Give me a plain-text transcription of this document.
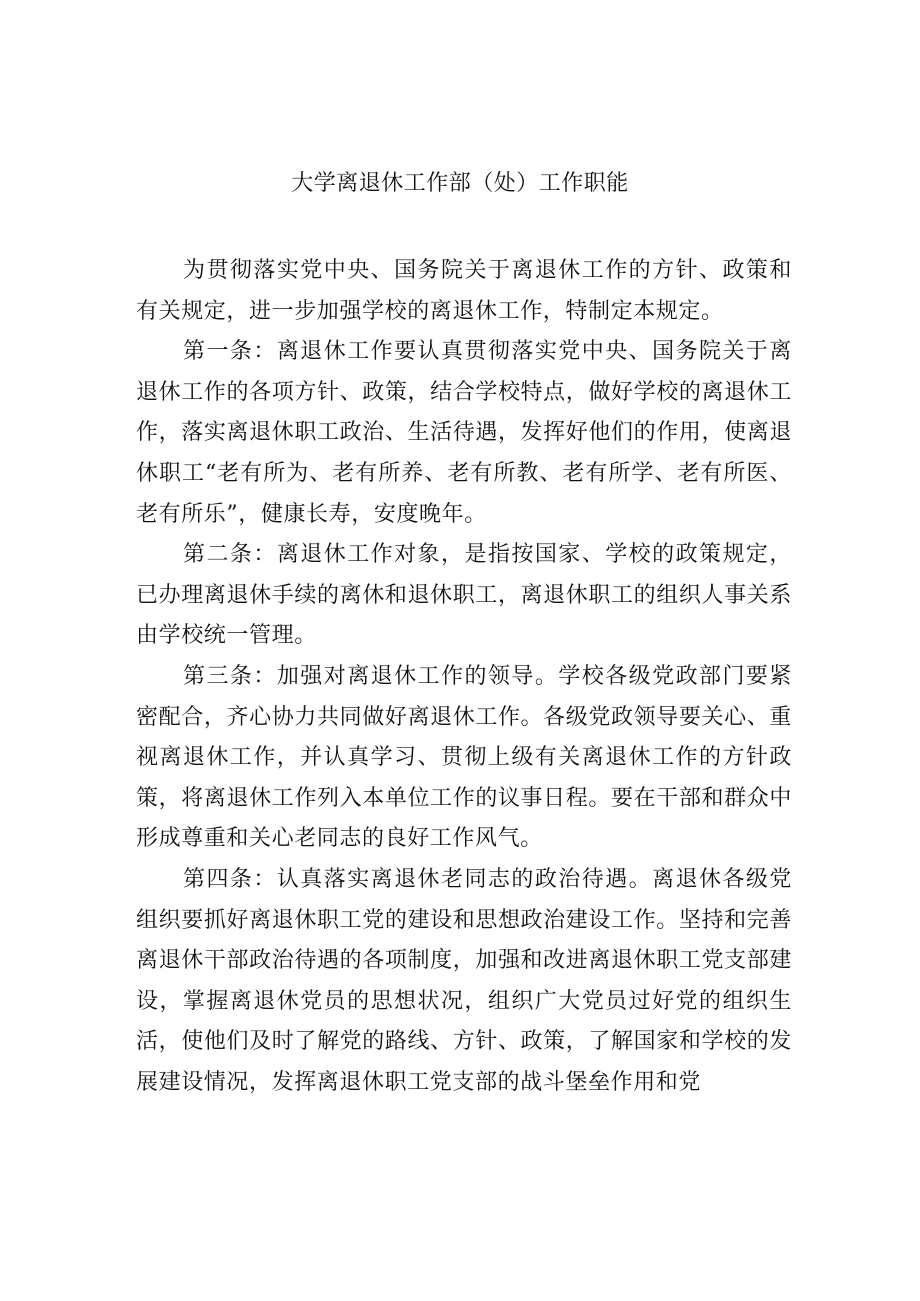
大学离退休工作部（处）工作职能

为贯彻落实党中央、国务院关于离退休工作的方针、政策和有关规定，进一步加强学校的离退休工作，特制定本规定。

第一条：离退休工作要认真贯彻落实党中央、国务院关于离退休工作的各项方针、政策，结合学校特点，做好学校的离退休工作，落实离退休职工政治、生活待遇，发挥好他们的作用，使离退休职工“老有所为、老有所养、老有所教、老有所学、老有所医、老有所乐”，健康长寿，安度晚年。

第二条：离退休工作对象，是指按国家、学校的政策规定，已办理离退休手续的离休和退休职工，离退休职工的组织人事关系由学校统一管理。

第三条：加强对离退休工作的领导。学校各级党政部门要紧密配合，齐心协力共同做好离退休工作。各级党政领导要关心、重视离退休工作，并认真学习、贯彻上级有关离退休工作的方针政策，将离退休工作列入本单位工作的议事日程。要在干部和群众中形成尊重和关心老同志的良好工作风气。

第四条：认真落实离退休老同志的政治待遇。离退休各级党组织要抓好离退休职工党的建设和思想政治建设工作。坚持和完善离退休干部政治待遇的各项制度，加强和改进离退休职工党支部建设，掌握离退休党员的思想状况，组织广大党员过好党的组织生活，使他们及时了解党的路线、方针、政策，了解国家和学校的发展建设情况，发挥离退休职工党支部的战斗堡垒作用和党
